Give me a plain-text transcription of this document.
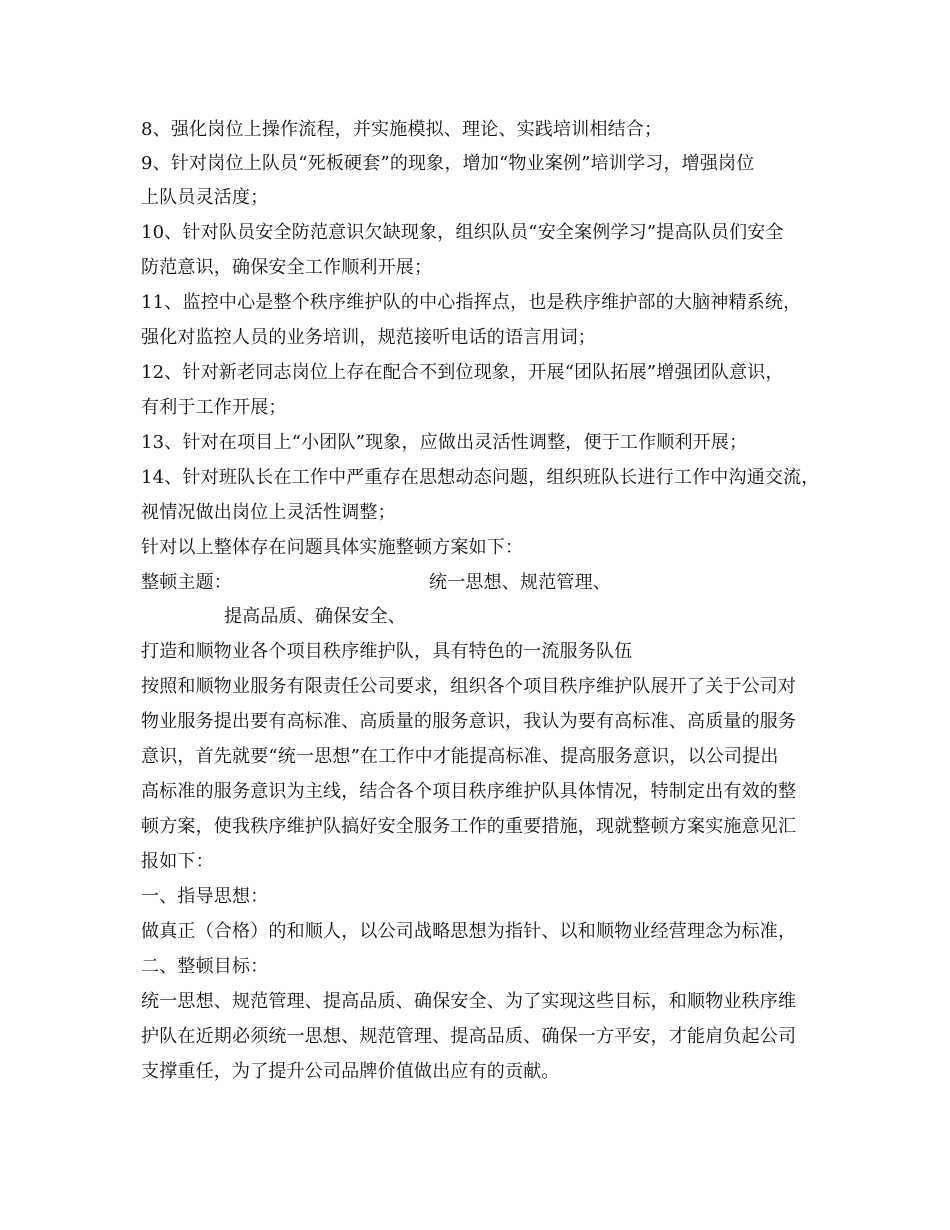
8、强化岗位上操作流程，并实施模拟、理论、实践培训相结合；
9、针对岗位上队员“死板硬套”的现象，增加“物业案例”培训学习，增强岗位
上队员灵活度；
10、针对队员安全防范意识欠缺现象，组织队员“安全案例学习”提高队员们安全
防范意识，确保安全工作顺利开展；
11、监控中心是整个秩序维护队的中心指挥点，也是秩序维护部的大脑神精系统，
强化对监控人员的业务培训，规范接听电话的语言用词；
12、针对新老同志岗位上存在配合不到位现象，开展“团队拓展”增强团队意识，
有利于工作开展；
13、针对在项目上“小团队”现象，应做出灵活性调整，便于工作顺利开展；
14、针对班队长在工作中严重存在思想动态问题，组织班队长进行工作中沟通交流，
视情况做出岗位上灵活性调整；
针对以上整体存在问题具体实施整顿方案如下：
整顿主题：	统一思想、规范管理、
提高品质、确保安全、
打造和顺物业各个项目秩序维护队，具有特色的一流服务队伍
按照和顺物业服务有限责任公司要求，组织各个项目秩序维护队展开了关于公司对
物业服务提出要有高标准、高质量的服务意识，我认为要有高标准、高质量的服务
意识，首先就要“统一思想”在工作中才能提高标准、提高服务意识，以公司提出
高标准的服务意识为主线，结合各个项目秩序维护队具体情况，特制定出有效的整
顿方案，使我秩序维护队搞好安全服务工作的重要措施，现就整顿方案实施意见汇
报如下：
一、指导思想：
做真正（合格）的和顺人，以公司战略思想为指针、以和顺物业经营理念为标准，
二、整顿目标：
统一思想、规范管理、提高品质、确保安全、为了实现这些目标，和顺物业秩序维
护队在近期必须统一思想、规范管理、提高品质、确保一方平安，才能肩负起公司
支撑重任，为了提升公司品牌价值做出应有的贡献。
